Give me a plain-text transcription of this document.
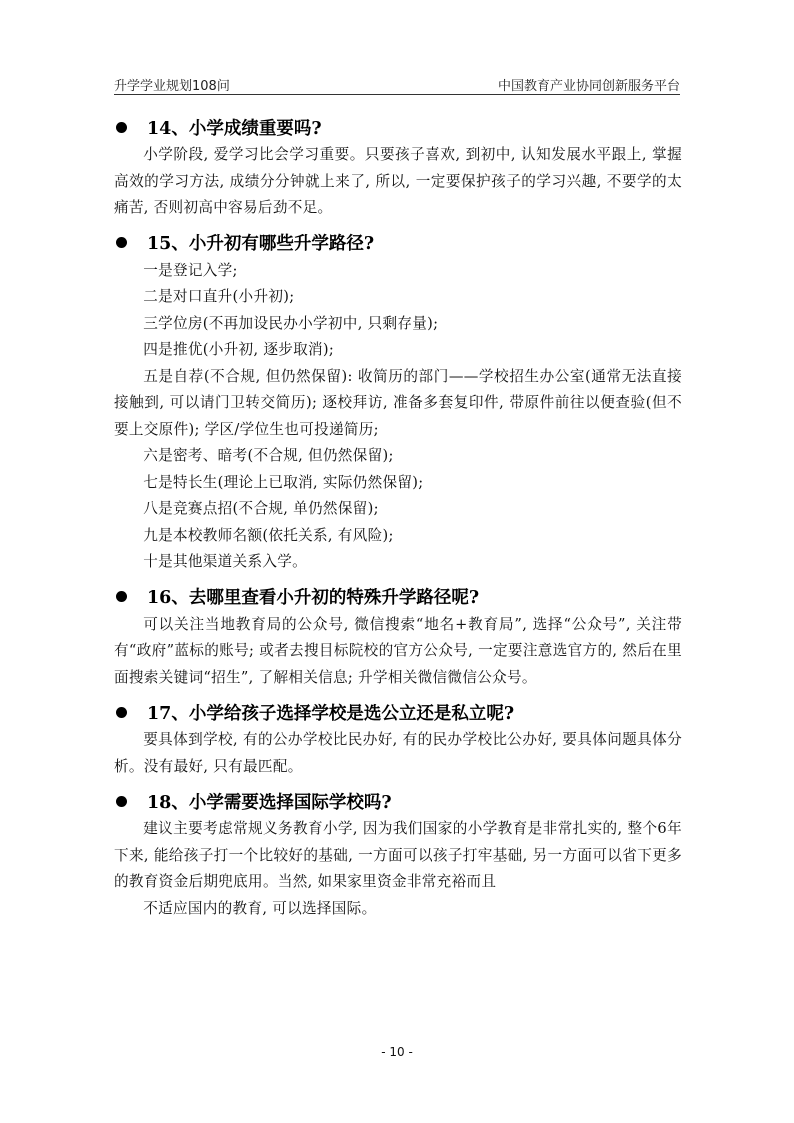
升学学业规划108问	中国教育产业协同创新服务平台
14、小学成绩重要吗?

小学阶段, 爱学习比会学习重要。只要孩子喜欢, 到初中, 认知发展水平跟上, 掌握高效的学习方法, 成绩分分钟就上来了, 所以, 一定要保护孩子的学习兴趣, 不要学的太痛苦, 否则初高中容易后劲不足。

15、小升初有哪些升学路径?

一是登记入学;

二是对口直升(小升初);

三学位房(不再加设民办小学初中, 只剩存量);

四是推优(小升初, 逐步取消);

五是自荐(不合规, 但仍然保留): 收简历的部门——学校招生办公室(通常无法直接接触到, 可以请门卫转交简历); 逐校拜访, 准备多套复印件, 带原件前往以便查验(但不要上交原件); 学区/学位生也可投递简历;

六是密考、暗考(不合规, 但仍然保留);

七是特长生(理论上已取消, 实际仍然保留);

八是竞赛点招(不合规, 单仍然保留);

九是本校教师名额(依托关系, 有风险);

十是其他渠道关系入学。

16、去哪里查看小升初的特殊升学路径呢?

可以关注当地教育局的公众号, 微信搜索“地名+教育局”, 选择“公众号”, 关注带有“政府”蓝标的账号; 或者去搜目标院校的官方公众号, 一定要注意选官方的, 然后在里面搜索关键词“招生”, 了解相关信息; 升学相关微信微信公众号。

17、小学给孩子选择学校是选公立还是私立呢?

要具体到学校, 有的公办学校比民办好, 有的民办学校比公办好, 要具体问题具体分析。没有最好, 只有最匹配。

18、小学需要选择国际学校吗?

建议主要考虑常规义务教育小学, 因为我们国家的小学教育是非常扎实的, 整个6年下来, 能给孩子打一个比较好的基础, 一方面可以孩子打牢基础, 另一方面可以省下更多的教育资金后期兜底用。当然, 如果家里资金非常充裕而且

不适应国内的教育, 可以选择国际。

- 10 -
